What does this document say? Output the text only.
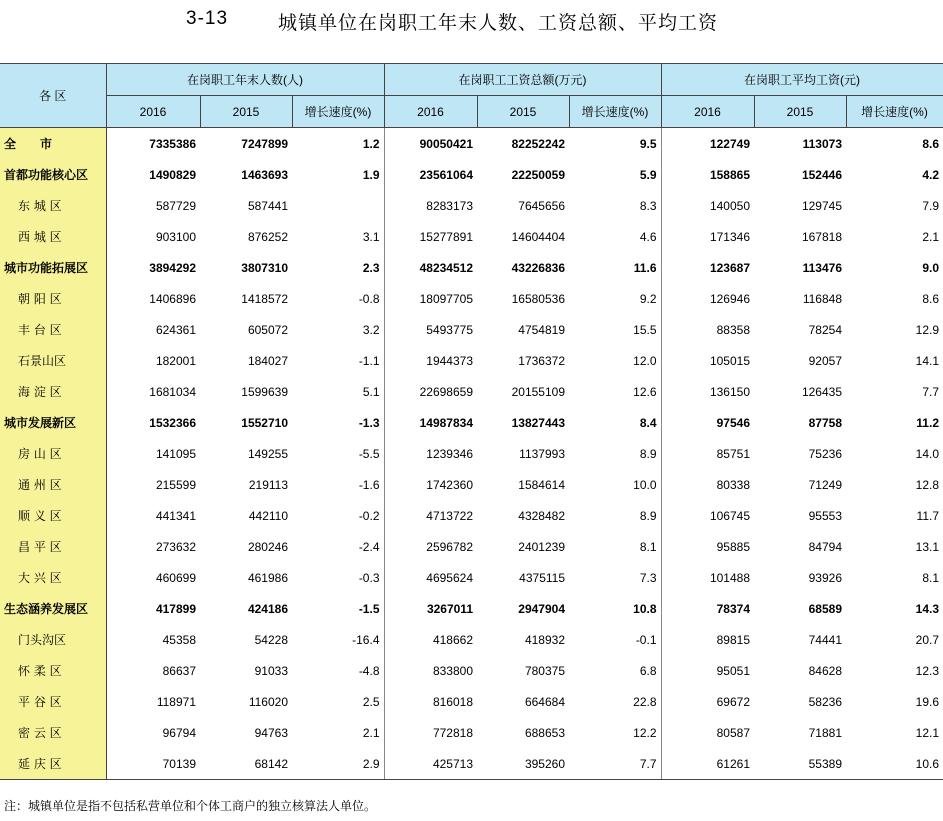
3-13	城镇单位在岗职工年末人数、工资总额、平均工资
各 区	在岗职工年末人数(人)			在岗职工工资总额(万元)			在岗职工平均工资(元)		
	2016	2015	增长速度(%)	2016	2015	增长速度(%)	2016	2015	增长速度(%)
全　　市	7335386	7247899	1.2	90050421	82252242	9.5	122749	113073	8.6
首都功能核心区	1490829	1463693	1.9	23561064	22250059	5.9	158865	152446	4.2
东 城 区	587729	587441		8283173	7645656	8.3	140050	129745	7.9
西 城 区	903100	876252	3.1	15277891	14604404	4.6	171346	167818	2.1
城市功能拓展区	3894292	3807310	2.3	48234512	43226836	11.6	123687	113476	9.0
朝 阳 区	1406896	1418572	-0.8	18097705	16580536	9.2	126946	116848	8.6
丰 台 区	624361	605072	3.2	5493775	4754819	15.5	88358	78254	12.9
石景山区	182001	184027	-1.1	1944373	1736372	12.0	105015	92057	14.1
海 淀 区	1681034	1599639	5.1	22698659	20155109	12.6	136150	126435	7.7
城市发展新区	1532366	1552710	-1.3	14987834	13827443	8.4	97546	87758	11.2
房 山 区	141095	149255	-5.5	1239346	1137993	8.9	85751	75236	14.0
通 州 区	215599	219113	-1.6	1742360	1584614	10.0	80338	71249	12.8
顺 义 区	441341	442110	-0.2	4713722	4328482	8.9	106745	95553	11.7
昌 平 区	273632	280246	-2.4	2596782	2401239	8.1	95885	84794	13.1
大 兴 区	460699	461986	-0.3	4695624	4375115	7.3	101488	93926	8.1
生态涵养发展区	417899	424186	-1.5	3267011	2947904	10.8	78374	68589	14.3
门头沟区	45358	54228	-16.4	418662	418932	-0.1	89815	74441	20.7
怀 柔 区	86637	91033	-4.8	833800	780375	6.8	95051	84628	12.3
平 谷 区	118971	116020	2.5	816018	664684	22.8	69672	58236	19.6
密 云 区	96794	94763	2.1	772818	688653	12.2	80587	71881	12.1
延 庆 区	70139	68142	2.9	425713	395260	7.7	61261	55389	10.6
注：城镇单位是指不包括私营单位和个体工商户的独立核算法人单位。
